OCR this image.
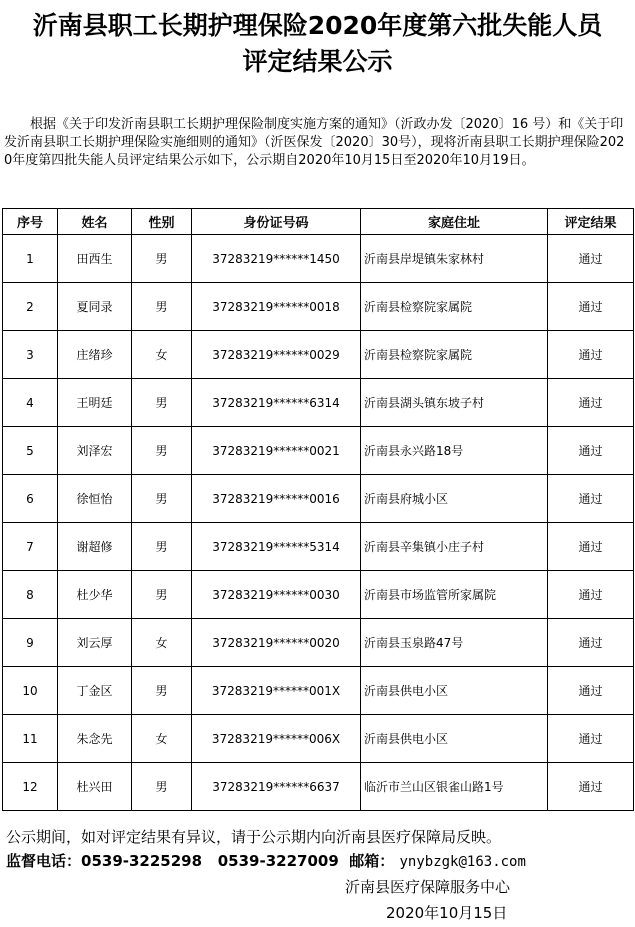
沂南县职工长期护理保险2020年度第六批失能人员
评定结果公示
根据《关于印发沂南县职工长期护理保险制度实施方案的通知》（沂政办发〔2020〕16 号）和《关于印发沂南县职工长期护理保险实施细则的通知》（沂医保发〔2020〕30号），现将沂南县职工长期护理保险2020年度第四批失能人员评定结果公示如下，公示期自2020年10月15日至2020年10月19日。
序号	姓名	性别	身份证号码	家庭住址	评定结果
1	田西生	男	37283219******1450	沂南县岸堤镇朱家林村	通过
2	夏同录	男	37283219******0018	沂南县检察院家属院	通过
3	庄绪珍	女	37283219******0029	沂南县检察院家属院	通过
4	王明廷	男	37283219******6314	沂南县湖头镇东坡子村	通过
5	刘泽宏	男	37283219******0021	沂南县永兴路18号	通过
6	徐恒怡	男	37283219******0016	沂南县府城小区	通过
7	谢超修	男	37283219******5314	沂南县辛集镇小庄子村	通过
8	杜少华	男	37283219******0030	沂南县市场监管所家属院	通过
9	刘云厚	女	37283219******0020	沂南县玉泉路47号	通过
10	丁金区	男	37283219******001X	沂南县供电小区	通过
11	朱念先	女	37283219******006X	沂南县供电小区	通过
12	杜兴田	男	37283219******6637	临沂市兰山区银雀山路1号	通过
公示期间，如对评定结果有异议，请于公示期内向沂南县医疗保障局反映。
监督电话：0539-3225298 0539-3227009 邮箱： ynybzgk@163.com
沂南县医疗保障服务中心
2020年10月15日
